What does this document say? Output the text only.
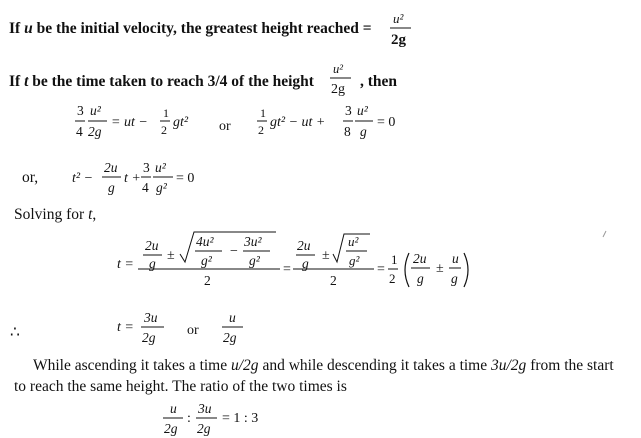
If u be the initial velocity, the greatest height reached =
If t be the time taken to reach 3/4 of the height	, then
or,
Solving for t,
∴
While ascending it takes a time u/2g and while descending it takes a time 3u/2g from the start
to reach the same height. The ratio of the two times is
u²
2g
u²
2g
3
4
u²
2g
= ut −
1
2 gt² or
1
2 gt² − ut +
3
8
u²
g
= 0
t² −
2u
g
t +
3
4
u²
g²
= 0
t =
2u
g
±
4u²
g²
−
3u²
g²
2
=
2u
g
±
u²
g²
2
=
1
2
2u
g
±
u
g
t =
3u
2g or
u
2g
u
2g
:
3u
2g
= 1 : 3
